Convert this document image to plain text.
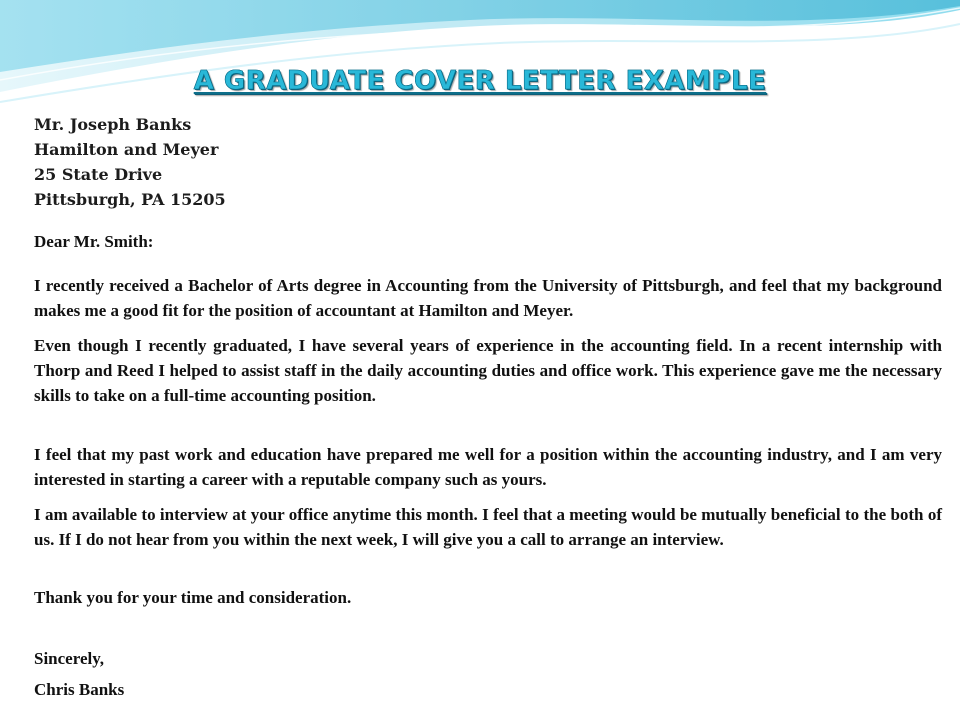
A GRADUATE COVER LETTER EXAMPLE
Mr. Joseph Banks
Hamilton and Meyer
25 State Drive
Pittsburgh, PA 15205

Dear Mr. Smith:

I recently received a Bachelor of Arts degree in Accounting from the University of Pittsburgh, and feel that my background makes me a good fit for the position of accountant at Hamilton and Meyer.

Even though I recently graduated, I have several years of experience in the accounting field. In a recent internship with Thorp and Reed I helped to assist staff in the daily accounting duties and office work. This experience gave me the necessary skills to take on a full-time accounting position.

I feel that my past work and education have prepared me well for a position within the accounting industry, and I am very interested in starting a career with a reputable company such as yours.

I am available to interview at your office anytime this month. I feel that a meeting would be mutually beneficial to the both of us. If I do not hear from you within the next week, I will give you a call to arrange an interview.

Thank you for your time and consideration.

Sincerely,

Chris Banks
